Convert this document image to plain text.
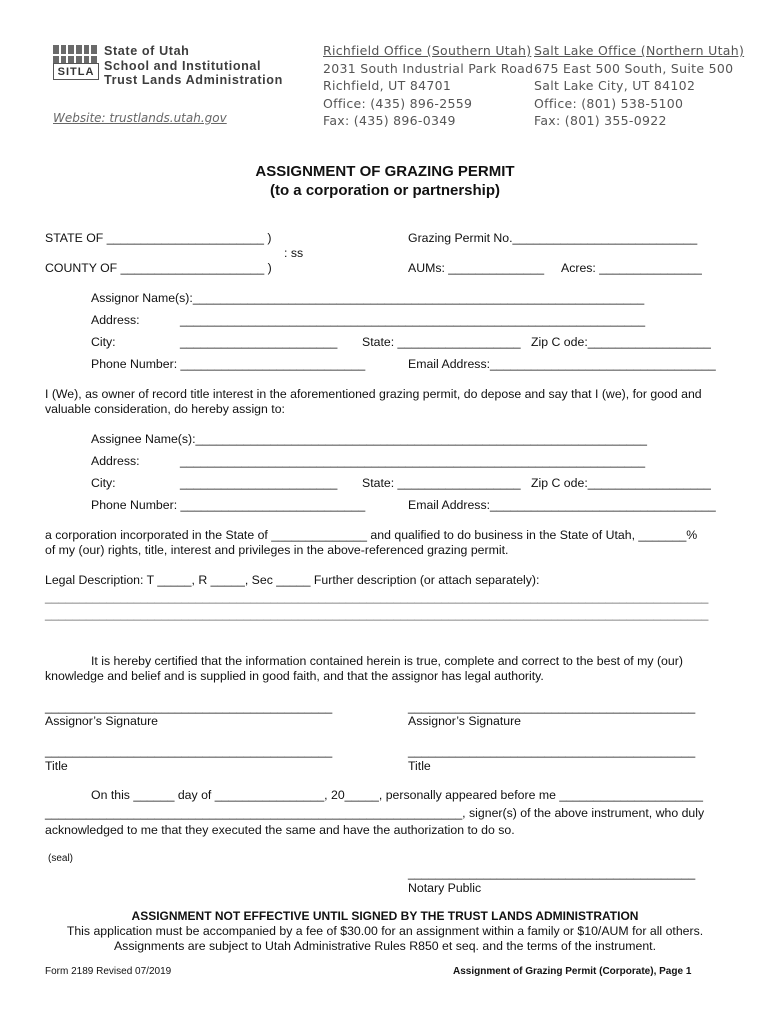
SITLA
State of Utah
School and Institutional
Trust Lands Administration
Website: trustlands.utah.gov
Richfield Office (Southern Utah)
2031 South Industrial Park Road
Richfield, UT 84701
Office: (435) 896-2559
Fax: (435) 896-0349
Salt Lake Office (Northern Utah)
675 East 500 South, Suite 500
Salt Lake City, UT 84102
Office: (801) 538-5100
Fax: (801) 355-0922
ASSIGNMENT OF GRAZING PERMIT
(to a corporation or partnership)
STATE OF _______________________ )
: ss
COUNTY OF _____________________ )
Grazing Permit No.___________________________
AUMs: ______________ Acres: _______________
Assignor Name(s):__________________________________________________________________
Address:	____________________________________________________________________
City:	_______________________ State: __________________ Zip C ode:__________________
Phone Number: ___________________________	Email Address:_________________________________
I (We), as owner of record title interest in the aforementioned grazing permit, do depose and say that I (we), for good and
valuable consideration, do hereby assign to:
Assignee Name(s):__________________________________________________________________
Address:	____________________________________________________________________
City:	_______________________ State: __________________ Zip C ode:__________________
Phone Number: ___________________________	Email Address:_________________________________
a corporation incorporated in the State of ______________ and qualified to do business in the State of Utah, _______%
of my (our) rights, title, interest and privileges in the above-referenced grazing permit.
Legal Description: T _____, R _____, Sec _____ Further description (or attach separately):
_________________________________________________________________________________________________
_________________________________________________________________________________________________
It is hereby certified that the information contained herein is true, complete and correct to the best of my (our)
knowledge and belief and is supplied in good faith, and that the assignor has legal authority.
__________________________________________	__________________________________________
Assignor’s Signature	Assignor’s Signature
__________________________________________	__________________________________________
Title	Title
On this ______ day of ________________, 20_____, personally appeared before me _____________________
_____________________________________________________________, signer(s) of the above instrument, who duly
acknowledged to me that they executed the same and have the authorization to do so.
(seal)
__________________________________________
Notary Public
ASSIGNMENT NOT EFFECTIVE UNTIL SIGNED BY THE TRUST LANDS ADMINISTRATION
This application must be accompanied by a fee of $30.00 for an assignment within a family or $10/AUM for all others.
Assignments are subject to Utah Administrative Rules R850 et seq. and the terms of the instrument.
Form 2189 Revised 07/2019	Assignment of Grazing Permit (Corporate), Page 1
